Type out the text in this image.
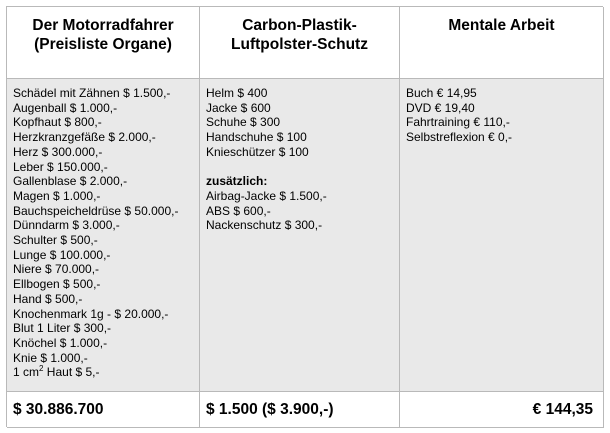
Der Motorradfahrer
(Preisliste Organe)
Carbon-Plastik-
Luftpolster-Schutz
Mentale Arbeit
Schädel mit Zähnen $ 1.500,-
Augenball $ 1.000,-
Kopfhaut $ 800,-
Herzkranzgefäße $ 2.000,-
Herz $ 300.000,-
Leber $ 150.000,-
Gallenblase $ 2.000,-
Magen $ 1.000,-
Bauchspeicheldrüse $ 50.000,-
Dünndarm $ 3.000,-
Schulter $ 500,-
Lunge $ 100.000,-
Niere $ 70.000,-
Ellbogen $ 500,-
Hand $ 500,-
Knochenmark 1g - $ 20.000,-
Blut 1 Liter $ 300,-
Knöchel $ 1.000,-
Knie $ 1.000,-
1 $cm^2$ Haut $ 5,-
Helm $ 400
Jacke $ 600
Schuhe $ 300
Handschuhe $ 100
Knieschützer $ 100
zusätzlich:
Airbag-Jacke $ 1.500,-
ABS $ 600,-
Nackenschutz $ 300,-
Buch € 14,95
DVD € 19,40
Fahrtraining € 110,-
Selbstreflexion € 0,-
$ 30.886.700	$ 1.500 ($ 3.900,-)	€ 144,35
